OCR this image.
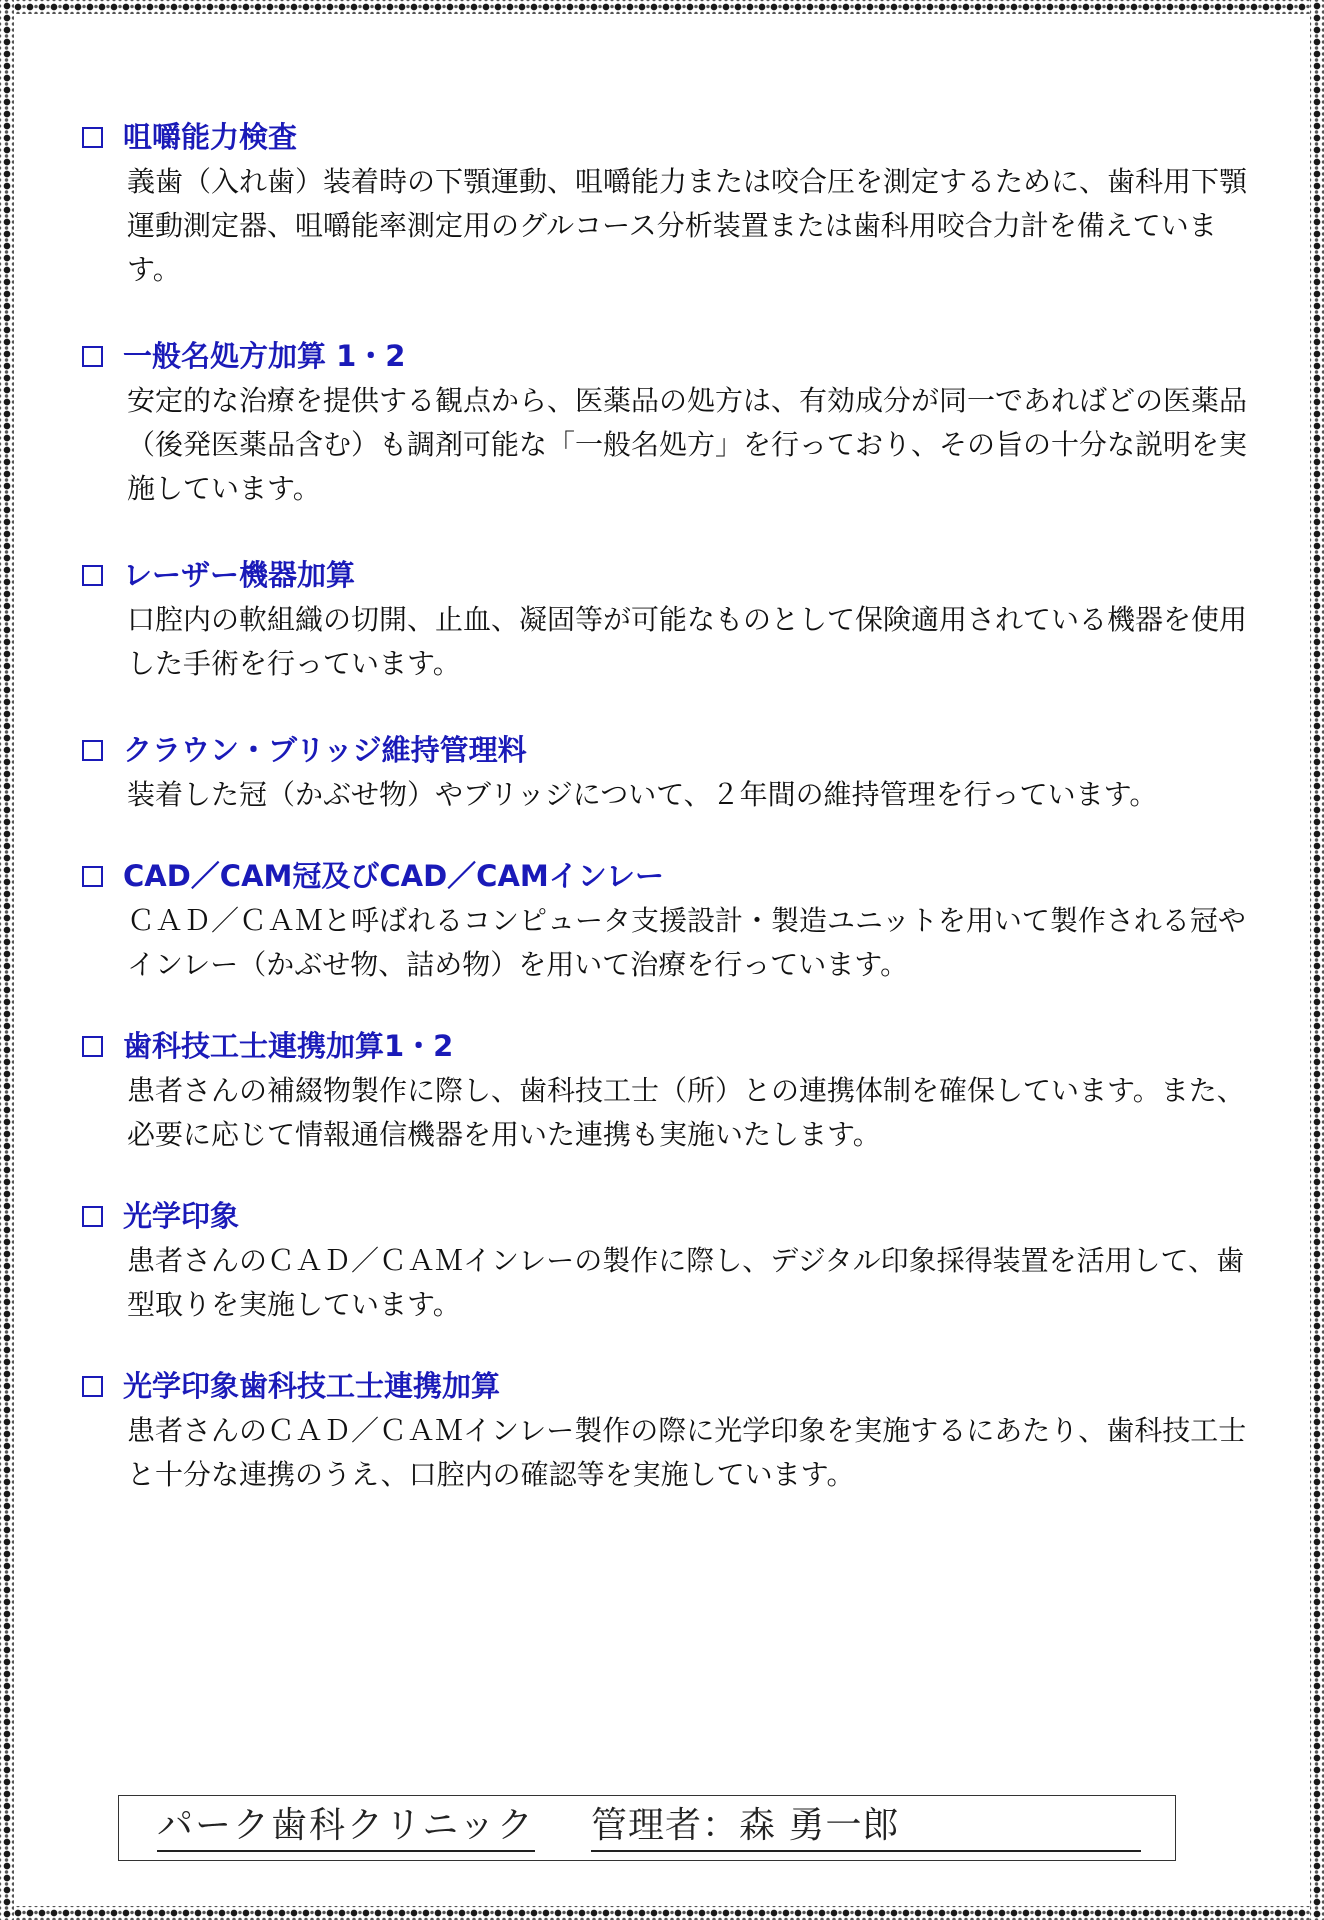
咀嚼能力検査
義歯（入れ歯）装着時の下顎運動、咀嚼能力または咬合圧を測定するために、歯科用下顎運動測定器、咀嚼能率測定用のグルコース分析装置または歯科用咬合力計を備えています。
一般名処方加算 1・2
安定的な治療を提供する観点から、医薬品の処方は、有効成分が同一であればどの医薬品（後発医薬品含む）も調剤可能な「一般名処方」を行っており、その旨の十分な説明を実施しています。
レーザー機器加算
口腔内の軟組織の切開、止血、凝固等が可能なものとして保険適用されている機器を使用した手術を行っています。
クラウン・ブリッジ維持管理料
装着した冠（かぶせ物）やブリッジについて、２年間の維持管理を行っています。
CAD／CAM冠及びCAD／CAMインレー
ＣＡＤ／ＣＡＭと呼ばれるコンピュータ支援設計・製造ユニットを用いて製作される冠やインレー（かぶせ物、詰め物）を用いて治療を行っています。
歯科技工士連携加算1・2
患者さんの補綴物製作に際し、歯科技工士（所）との連携体制を確保しています。また、必要に応じて情報通信機器を用いた連携も実施いたします。
光学印象
患者さんのＣＡＤ／ＣＡＭインレーの製作に際し、デジタル印象採得装置を活用して、歯型取りを実施しています。
光学印象歯科技工士連携加算
患者さんのＣＡＤ／ＣＡＭインレー製作の際に光学印象を実施するにあたり、歯科技工士と十分な連携のうえ、口腔内の確認等を実施しています。
パーク歯科クリニック 管理者：森 勇一郎
